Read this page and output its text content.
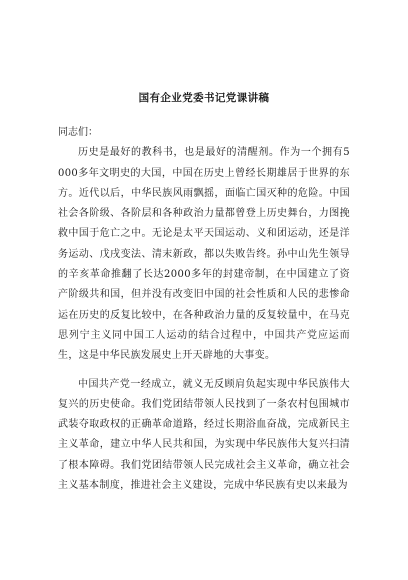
国有企业党委书记党课讲稿

同志们：

历史是最好的教科书，也是最好的清醒剂。作为一个拥有5000多年文明史的大国，中国在历史上曾经长期雄居于世界的东方。近代以后，中华民族风雨飘摇，面临亡国灭种的危险。中国社会各阶级、各阶层和各种政治力量都曾登上历史舞台，力图挽救中国于危亡之中。无论是太平天国运动、义和团运动，还是洋务运动、戊戌变法、清末新政，都以失败告终。孙中山先生领导的辛亥革命推翻了长达2000多年的封建帝制，在中国建立了资产阶级共和国，但并没有改变旧中国的社会性质和人民的悲惨命运在历史的反复比较中，在各种政治力量的反复较量中，在马克思列宁主义同中国工人运动的结合过程中，中国共产党应运而生，这是中华民族发展史上开天辟地的大事变。

中国共产党一经成立，就义无反顾肩负起实现中华民族伟大复兴的历史使命。我们党团结带领人民找到了一条农村包围城市武装夺取政权的正确革命道路，经过长期浴血奋战，完成新民主主义革命，建立中华人民共和国，为实现中华民族伟大复兴扫清了根本障碍。我们党团结带领人民完成社会主义革命，确立社会主义基本制度，推进社会主义建设，完成中华民族有史以来最为
